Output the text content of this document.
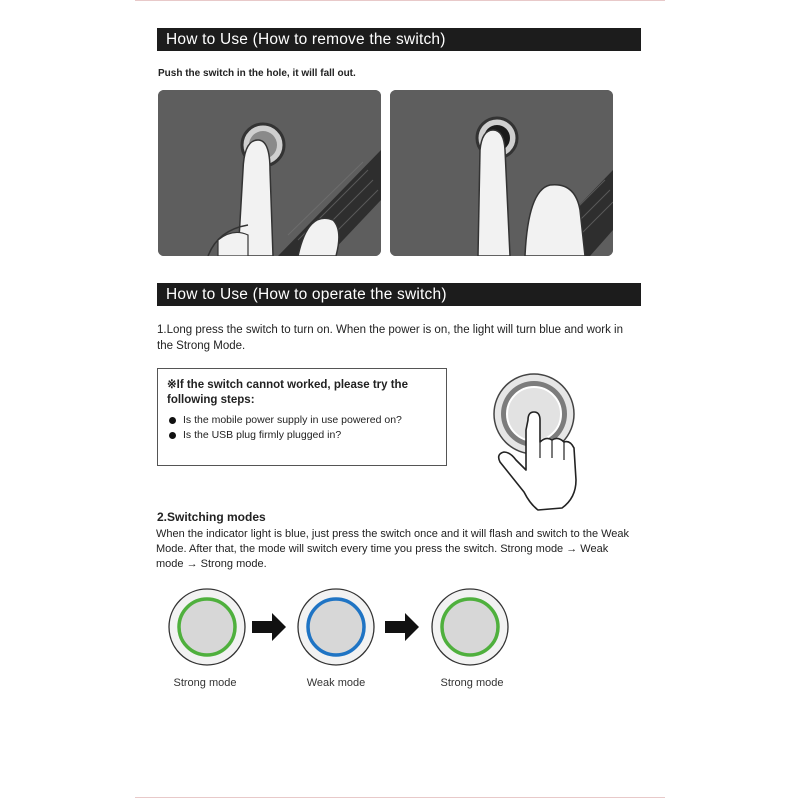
How to Use (How to remove the switch)
Push the switch in the hole, it will fall out.
How to Use (How to operate the switch)
1.Long press the switch to turn on. When the power is on, the light will turn blue and work in the Strong Mode.
※If the switch cannot worked, please try the following steps:
Is the mobile power supply in use powered on?
Is the USB plug firmly plugged in?
2.Switching modes
When the indicator light is blue, just press the switch once and it will flash and switch to the Weak Mode. After that, the mode will switch every time you press the switch. Strong mode → Weak mode → Strong mode.
Strong mode	Weak mode	Strong mode
